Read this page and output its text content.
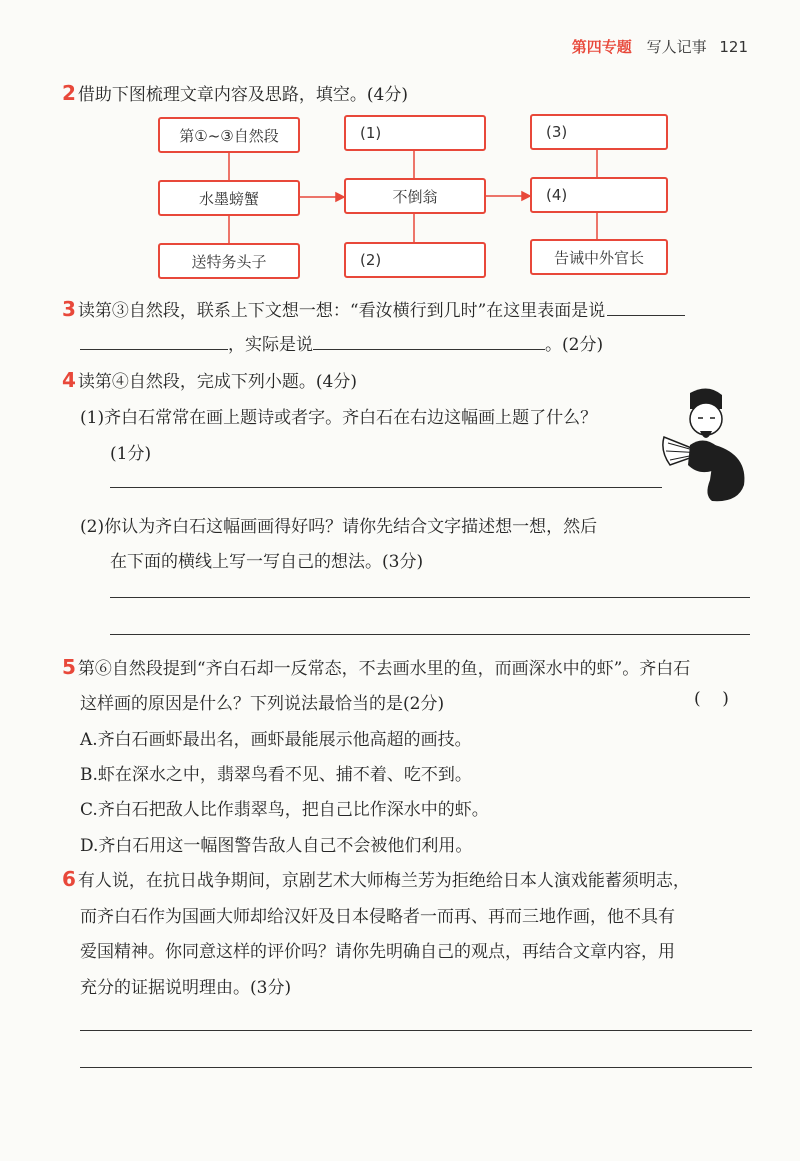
第四专题 写人记事 121
2 借助下图梳理文章内容及思路，填空。(4分)
第①~③自然段
水墨螃蟹
送特务头子
(1)
不倒翁
(2)
(3)
(4)
告诫中外官长
3 读第③自然段，联系上下文想一想：“看汝横行到几时”在这里表面是说
，实际是说	。(2分)
4 读第④自然段，完成下列小题。(4分)
(1)齐白石常常在画上题诗或者字。齐白石在右边这幅画上题了什么？
(1分)
(2)你认为齐白石这幅画画得好吗？请你先结合文字描述想一想，然后
在下面的横线上写一写自己的想法。(3分)
5 第⑥自然段提到“齐白石却一反常态，不去画水里的鱼，而画深水中的虾”。齐白石
这样画的原因是什么？下列说法最恰当的是(2分)	(    )
A.齐白石画虾最出名，画虾最能展示他高超的画技。
B.虾在深水之中，翡翠鸟看不见、捕不着、吃不到。
C.齐白石把敌人比作翡翠鸟，把自己比作深水中的虾。
D.齐白石用这一幅图警告敌人自己不会被他们利用。
6 有人说，在抗日战争期间，京剧艺术大师梅兰芳为拒绝给日本人演戏能蓄须明志，
而齐白石作为国画大师却给汉奸及日本侵略者一而再、再而三地作画，他不具有
爱国精神。你同意这样的评价吗？请你先明确自己的观点，再结合文章内容，用
充分的证据说明理由。(3分)
